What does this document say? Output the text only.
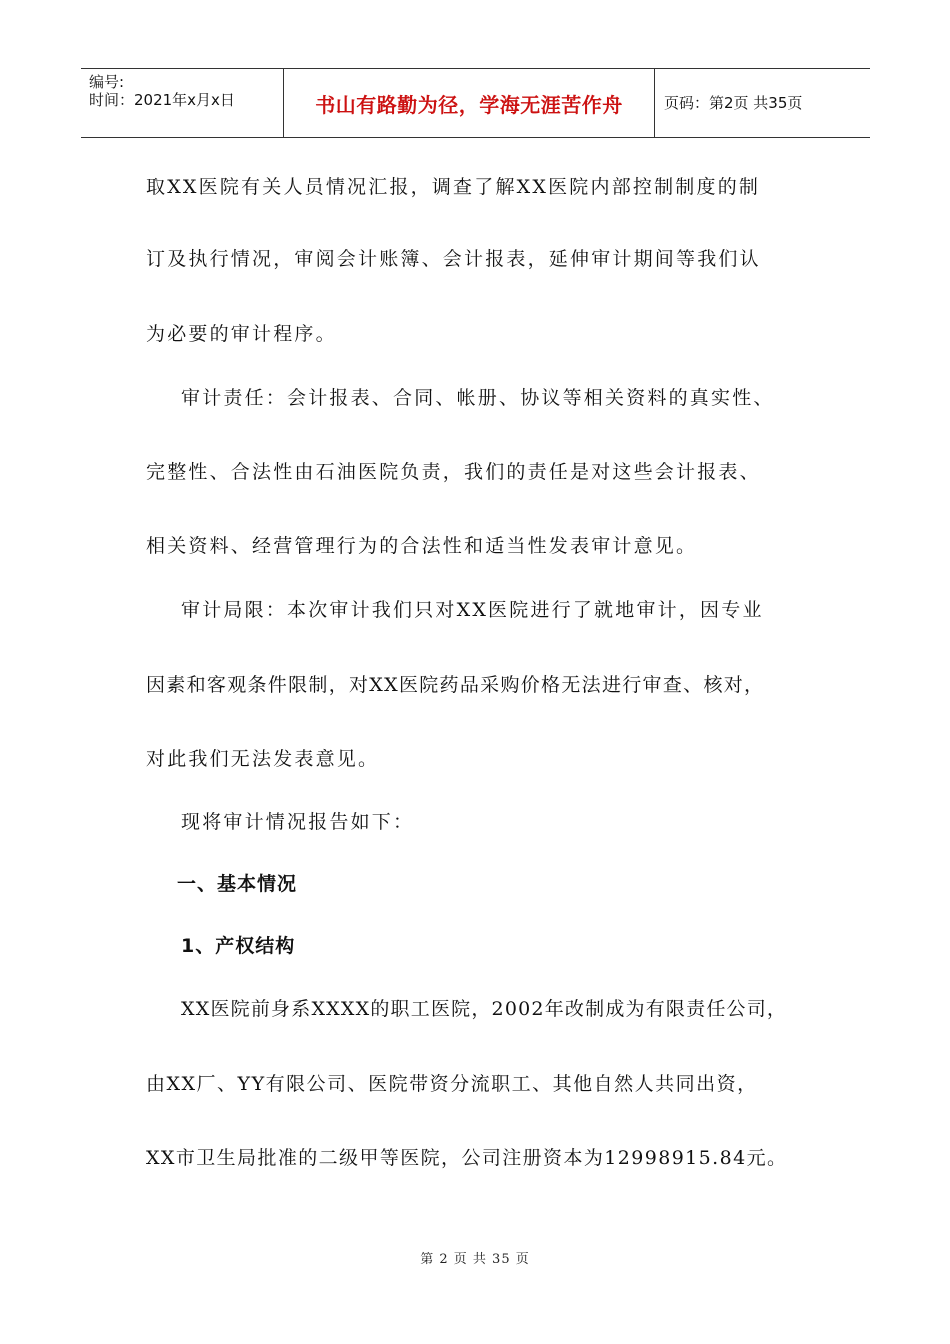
编号:
时间：2021年x月x日	书山有路勤为径，学海无涯苦作舟	页码：第2页 共35页
取XX医院有关人员情况汇报，调查了解XX医院内部控制制度的制
订及执行情况，审阅会计账簿、会计报表，延伸审计期间等我们认
为必要的审计程序。
审计责任：会计报表、合同、帐册、协议等相关资料的真实性、
完整性、合法性由石油医院负责，我们的责任是对这些会计报表、
相关资料、经营管理行为的合法性和适当性发表审计意见。
审计局限：本次审计我们只对XX医院进行了就地审计，因专业
因素和客观条件限制，对XX医院药品采购价格无法进行审查、核对，
对此我们无法发表意见。
现将审计情况报告如下：
一、基本情况
1、产权结构
XX医院前身系XXXX的职工医院，2002年改制成为有限责任公司，
由XX厂、YY有限公司、医院带资分流职工、其他自然人共同出资，
XX市卫生局批准的二级甲等医院，公司注册资本为12998915.84元。
第 2 页 共 35 页
